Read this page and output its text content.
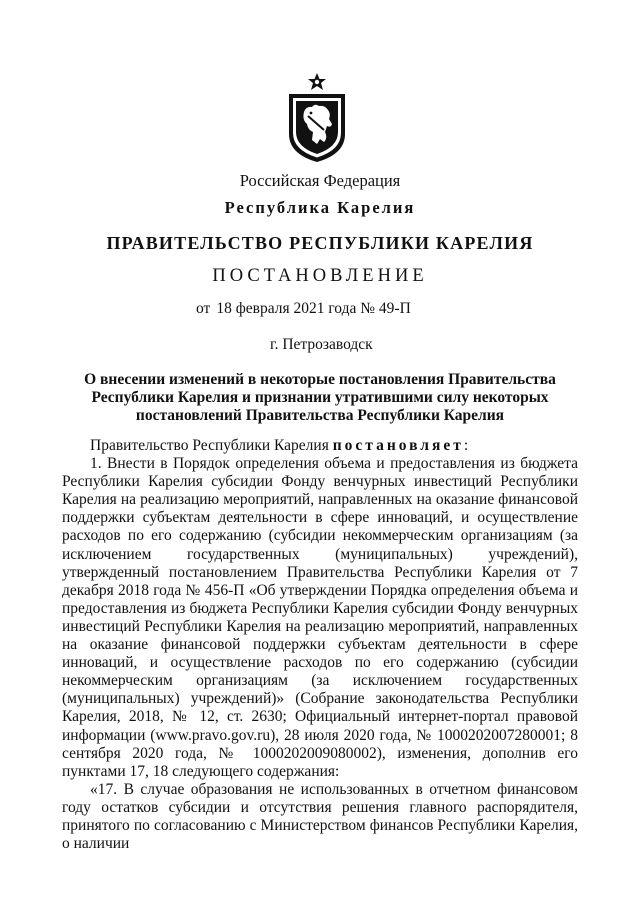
Российская Федерация
Республика Карелия
ПРАВИТЕЛЬСТВО РЕСПУБЛИКИ КАРЕЛИЯ
ПОСТАНОВЛЕНИЕ
от 18 февраля 2021 года № 49-П
г. Петрозаводск
О внесении изменений в некоторые постановления Правительства
Республики Карелия и признании утратившими силу некоторых
постановлений Правительства Республики Карелия

Правительство Республики Карелия постановляет:

1. Внести в Порядок определения объема и предоставления из бюджета Республики Карелия субсидии Фонду венчурных инвестиций Республики Карелия на реализацию мероприятий, направленных на оказание финансовой поддержки субъектам деятельности в сфере инноваций, и осуществление расходов по его содержанию (субсидии некоммерческим организациям (за исключением государственных (муниципальных) учреждений), утвержденный постановлением Правительства Республики Карелия от 7 декабря 2018 года № 456-П «Об утверждении Порядка определения объема и предоставления из бюджета Республики Карелия субсидии Фонду венчурных инвестиций Республики Карелия на реализацию мероприятий, направленных на оказание финансовой поддержки субъектам деятельности в сфере инноваций, и осуществление расходов по его содержанию (субсидии некоммерческим организациям (за исключением государственных (муниципальных) учреждений)» (Собрание законодательства Республики Карелия, 2018, № 12, ст. 2630; Официальный интернет-портал правовой информации (www.pravo.gov.ru), 28 июля 2020 года, № 1000202007280001; 8 сентября 2020 года, № 1000202009080002), изменения, дополнив его пунктами 17, 18 следующего содержания:

«17. В случае образования не использованных в отчетном финансовом году остатков субсидии и отсутствия решения главного распорядителя, принятого по согласованию с Министерством финансов Республики Карелия, о наличии
